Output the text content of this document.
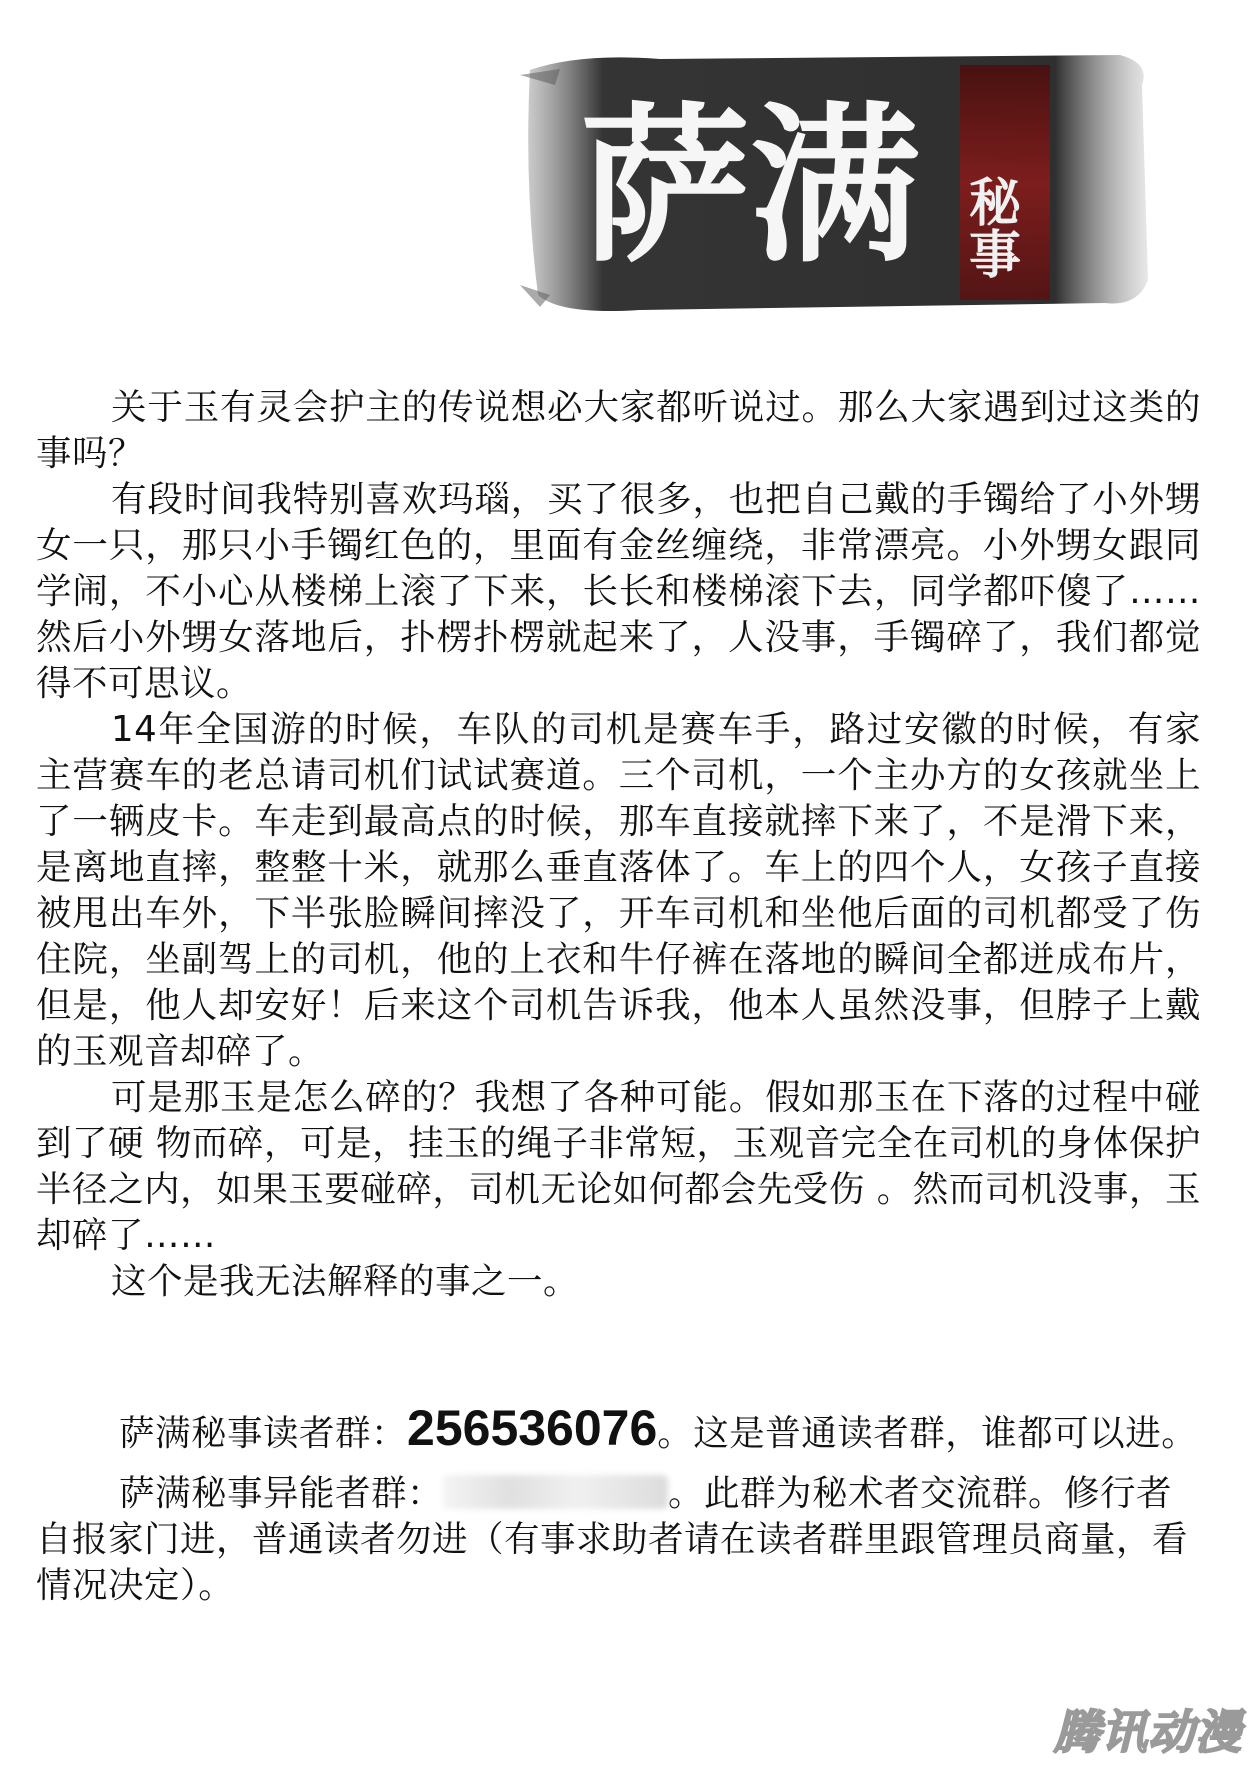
萨满 秘事

关于玉有灵会护主的传说想必大家都听说过。那么大家遇到过这类的事吗？

有段时间我特别喜欢玛瑙，买了很多，也把自己戴的手镯给了小外甥女一只，那只小手镯红色的，里面有金丝缠绕，非常漂亮。小外甥女跟同学闹，不小心从楼梯上滚了下来，长长和楼梯滚下去，同学都吓傻了……然后小外甥女落地后，扑楞扑楞就起来了，人没事，手镯碎了，我们都觉得不可思议。

14年全国游的时候，车队的司机是赛车手，路过安徽的时候，有家主营赛车的老总请司机们试试赛道。三个司机，一个主办方的女孩就坐上了一辆皮卡。车走到最高点的时候，那车直接就摔下来了，不是滑下来，是离地直摔，整整十米，就那么垂直落体了。车上的四个人，女孩子直接被甩出车外，下半张脸瞬间摔没了，开车司机和坐他后面的司机都受了伤住院，坐副驾上的司机，他的上衣和牛仔裤在落地的瞬间全都迸成布片，但是，他人却安好！后来这个司机告诉我，他本人虽然没事，但脖子上戴的玉观音却碎了。

可是那玉是怎么碎的？我想了各种可能。假如那玉在下落的过程中碰到了硬 物而碎，可是，挂玉的绳子非常短，玉观音完全在司机的身体保护半径之内，如果玉要碰碎，司机无论如何都会先受伤 。然而司机没事，玉却碎了……

这个是我无法解释的事之一。

萨满秘事读者群：256536076。这是普通读者群，谁都可以进。

萨满秘事异能者群：	。此群为秘术者交流群。修行者自报家门进，普通读者勿进（有事求助者请在读者群里跟管理员商量，看情况决定）。

腾讯动漫
